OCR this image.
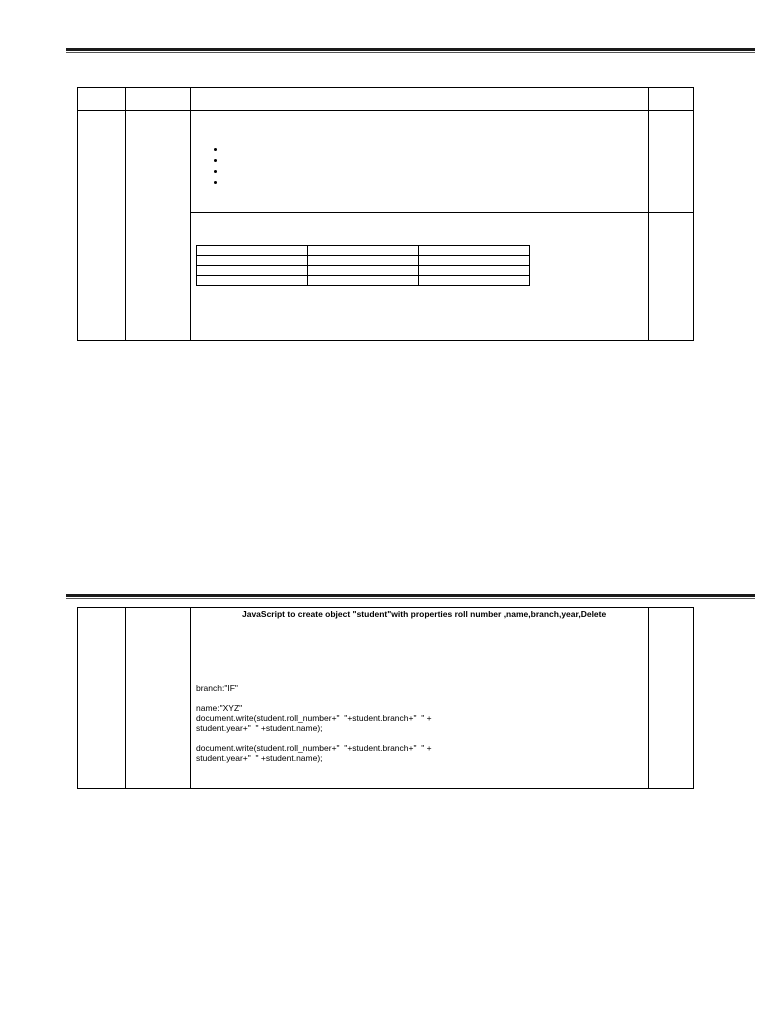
JavaScript to create object "student"with properties roll number ,name,branch,year,Delete
branch:"IF"
name:"XYZ"
document.write(student.roll_number+"  "+student.branch+"  " +
student.year+"  " +student.name);
document.write(student.roll_number+"  "+student.branch+"  " +
student.year+"  " +student.name);
